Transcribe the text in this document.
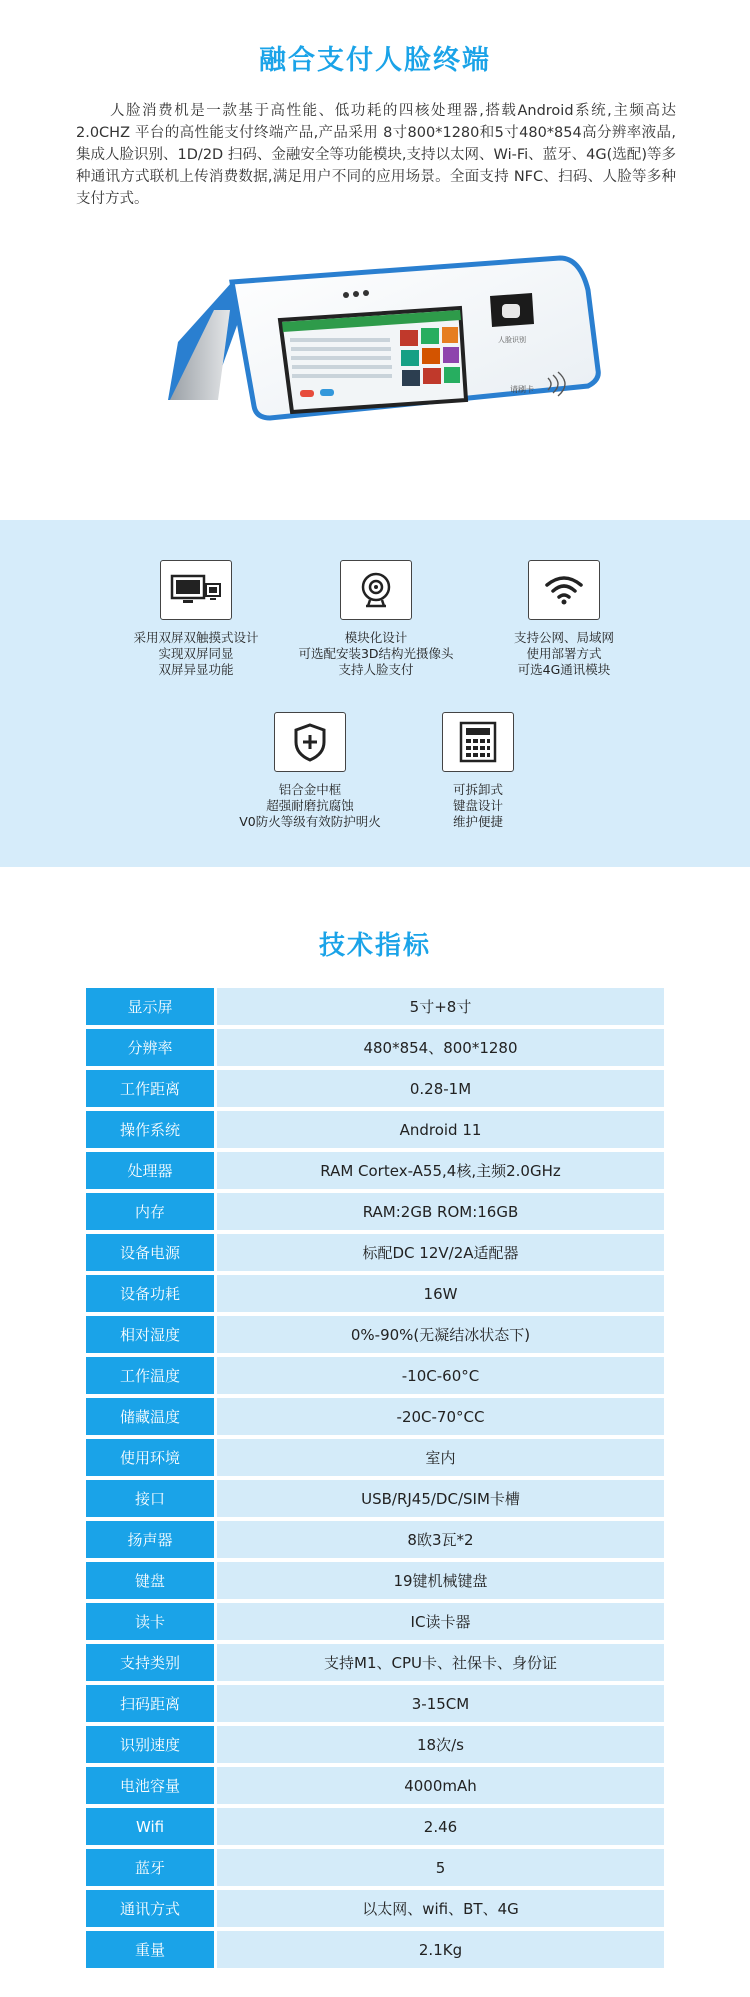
融合支付人脸终端

人脸消费机是一款基于高性能、低功耗的四核处理器,搭载Android系统,主频高达2.0CHZ 平台的高性能支付终端产品,产品采用 8寸800*1280和5寸480*854高分辨率液晶,集成人脸识别、1D/2D 扫码、金融安全等功能模块,支持以太网、Wi-Fi、蓝牙、4G(选配)等多种通讯方式联机上传消费数据,满足用户不同的应用场景。全面支持 NFC、扫码、人脸等多种支付方式。

人脸识别
请刷卡
采用双屏双触摸式设计
实现双屏同显
双屏异显功能
模块化设计
可选配安装3D结构光摄像头
支持人脸支付
支持公网、局域网
使用部署方式
可选4G通讯模块
铝合金中框
超强耐磨抗腐蚀
V0防火等级有效防护明火
可拆卸式
键盘设计
维护便捷
技术指标
显示屏	5寸+8寸
分辨率	480*854、800*1280
工作距离	0.28-1M
操作系统	Android 11
处理器	RAM Cortex-A55,4核,主频2.0GHz
内存	RAM:2GB ROM:16GB
设备电源	标配DC 12V/2A适配器
设备功耗	16W
相对湿度	0%-90%(无凝结冰状态下)
工作温度	-10C-60°C
储藏温度	-20C-70°CC
使用环境	室内
接口	USB/RJ45/DC/SIM卡槽
扬声器	8欧3瓦*2
键盘	19键机械键盘
读卡	IC读卡器
支持类别	支持M1、CPU卡、社保卡、身份证
扫码距离	3-15CM
识别速度	18次/s
电池容量	4000mAh
Wifi	2.46
蓝牙	5
通讯方式	以太网、wifi、BT、4G
重量	2.1Kg
